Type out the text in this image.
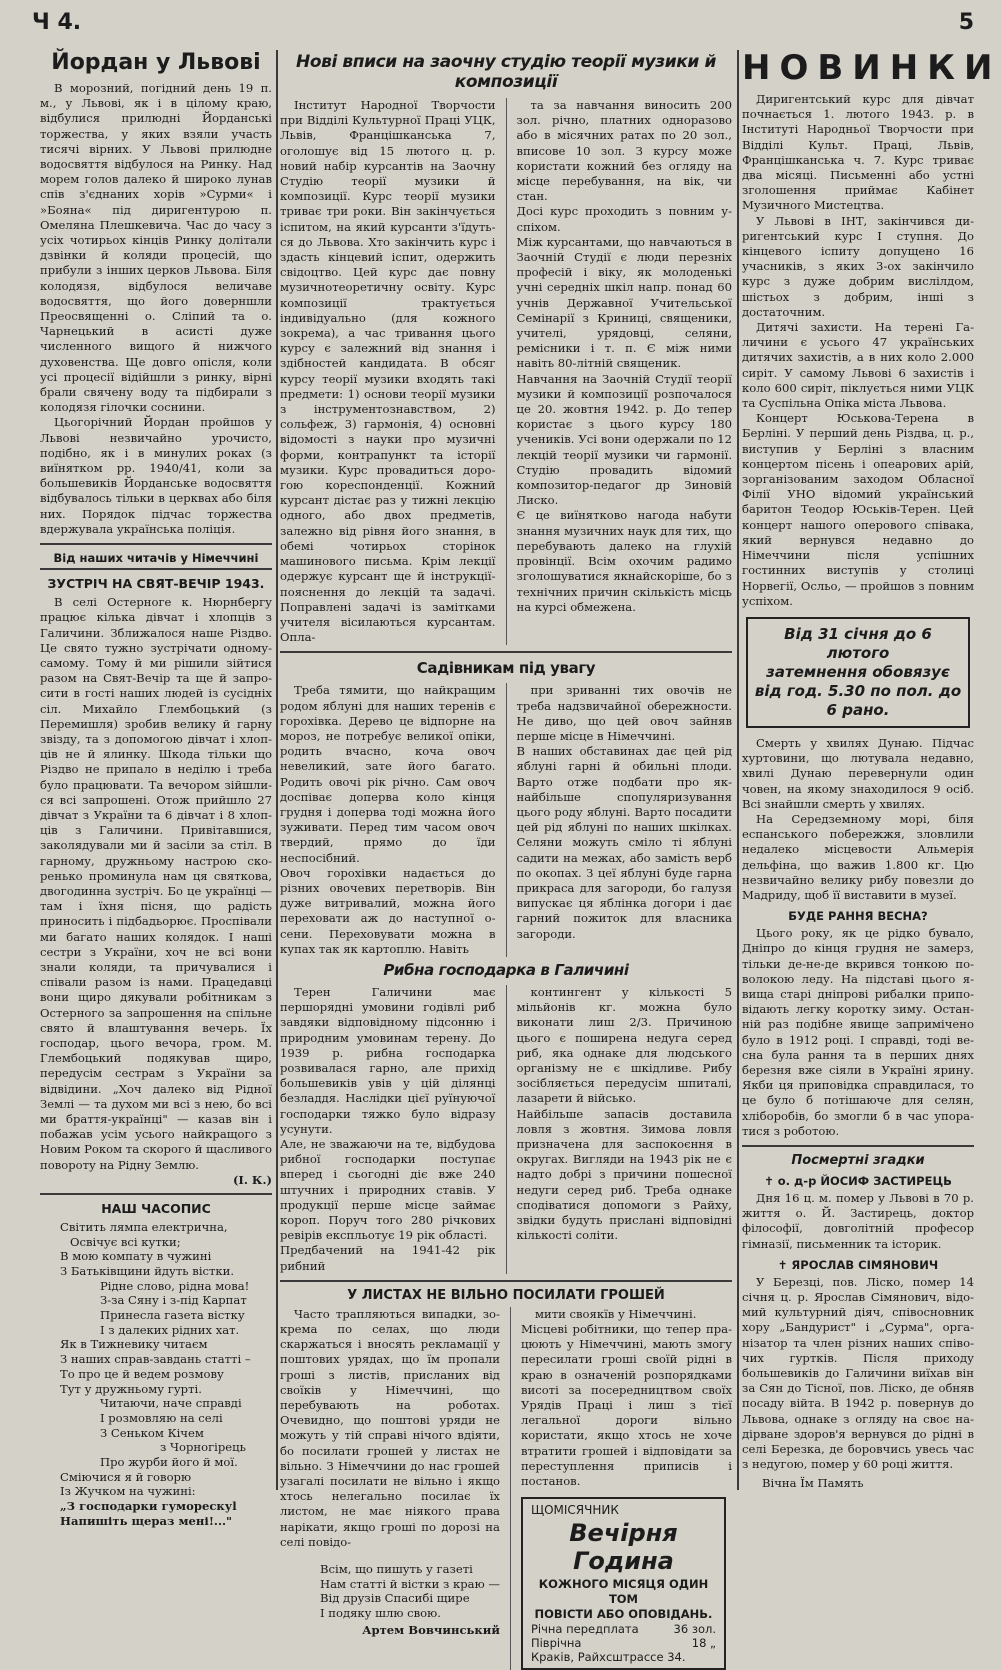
Ч 4.	5
Йордан у Львові

В морозний, погідний день 19 п. м., у Львові, як і в цілому краю, відбулися прилюдні Йорданські торжества, у яких взяли участь тисячі вірних. У Львові прилюдне водосвяття відбулося на Ринку. Над морем голов далеко й широко лунав спів з'єднаних хорів »Сурми« і »Бояна« під диригентурою п. Омеляна Плешкевича. Час до часу з усіх чотирьох кінців Ринку долітали дзвінки й коляди процесій, що прибули з інших церков Львова. Біля колодязя, відбулося величаве водосвяття, що його доверншли Преосвященні о. Сліпий та о. Чарнецький в асисті дуже численного вищого й нижчого духовенства. Ще довго опісля, коли усі процесії відійшли з ринку, вірні брали свячену воду та підбирали з колодязя гілочки соснини.

Цьогорічний Йордан пройшов у Львові незвичайно урочисто, подібно, як і в минулих роках (з виїнятком рр. 1940/41, коли за большевиків Йорданське водосвяття відбувалось тільки в церквах або біля них. Порядок підчас торжества вдержувала українська поліція.

Від наших читачів у Німеччині
ЗУСТРІЧ НА СВЯТ-ВЕЧІР 1943.

В селі Остерноге к. Нюрнбергу працює кілька дівчат і хлопців з Галичини. Зближалося наше Різдво. Це свято тужно зустрічати одномусамому. Тому й ми рішили зійтися разом на Свят-Вечір та ще й запросити в гості наших людей із сусідніх сіл. Михайло Глембоцький (з Перемишля) зробив велику й гарну звізду, та з допомогою дівчат і хлопців не й ялинку. Шкода тільки що Різдво не припало в неділю і треба було працювати. Та вечором зійшлися всі запрошені. Отож прийшло 27 дівчат з України та 6 дівчат і 8 хлопців з Галичини. Привітавшися, заколядували ми й засіли за стіл. В гарному, дружньому настрою скоренько проминула нам ця святкова, двогодинна зустріч. Бо це українці — там і їхня пісня, що радість приносить і підбадьорює. Проспівали ми багато наших колядок. І наші сестри з України, хоч не всі вони знали коляди, та причувалися і співали разом із нами. Працедавці вони щиро дякували робітникам з Остерного за запрошення на спільне свято й влаштування вечерь. Їх господар, цього вечора, гром. М. Глембоцький подякував щиро, передусім сестрам з України за відвідини. „Хоч далеко від Рідної Землі — та духом ми всі з нею, бо всі ми браття-українці" — казав він і побажав усім усього найкращого з Новим Роком та скорого й щасливого повороту на Рідну Землю.

(І. К.)
НАШ ЧАСОПИС
Світить лямпа електрична,
Освічує всі кутки;
В мою компату в чужині
З Батьківщини йдуть вістки.
Рідне слово, рідна мова!
З-за Сяну і з-під Карпат
Принесла газета вістку
І з далеких рідних хат.
Як в Тижневику читаєм
З наших справ-завдань статті –
То про це й ведем розмову
Тут у дружньому гурті.
Читаючи, наче справді
І розмовляю на селі
З Сеньком Кічем
з Чорногірець
Про журби його й мої.
Сміючися я й говорю
Із Жучком на чужині:
„З господарки гуморескуl
Напишіть щераз мені!..."
Нові вписи на заочну студію теорії музики й композиції

Інститут Народної Творчости при Відділі Культурної Праці УЦК, Львів, Францішканська 7, оголошує від 15 лютого ц. р. новий набір курсантів на Заочну Студію теорії музики й композиції. Курс теорії музики триває три роки. Він закінчується іспитом, на який курсанти з'їдуться до Львова. Хто закінчить курс і здасть кінцевий іспит, одержить свідоцтво. Цей курс дає повну музичнотеоретичну освіту. Курс композиції трактується індивідуально (для кожного зокрема), а час тривання цього курсу є залежний від знання і здібностей кандидата. В обсяг курсу теорії музики входять такі предмети: 1) основи теорії музики з інструментознавством, 2) сольфеж, 3) гармонія, 4) основні відомості з науки про музичні форми, контрапункт та історії музики. Курс провадиться дорогою кореспонденції. Кожний курсант дістає раз у тижні лекцію одного, або двох предметів, залежно від рівня його знання, в обемі чотирьох сторінок машинового письма. Крім лекції одержує курсант ще й інструкції-пояснення до лекцій та задачі. Поправлені задачі із замітками учителя вісилаються курсантам. Опла-

та за навчання виносить 200 зол. річно, платних одноразово або в місячних ратах по 20 зол., вписове 10 зол. З курсу може користати кожний без огляду на місце перебування, на вік, чи стан.
Досі курс проходить з повним успіхом.
Між курсантами, що навчаються в Заочній Студії є люди перезніх професій і віку, як молоденькі учні середніх шкіл напр. понад 60 учнів Державної Учительської Семінарії з Криниці, священики, учителі, урядовці, селяни, ремісники і т. п. Є між ними навіть 80-літній священик.
Навчання на Заочній Студії теорії музики й композиції розпочалося це 20. жовтня 1942. р. До тепер користає з цього курсу 180 учеників. Усі вони одержали по 12 лекцій теорії музики чи гармонії. Студію провадить відомий композитор-педагог др Зиновій Лиско.
Є це виїнятково нагода набути знання музичних наук для тих, що перебувають далеко на глухій провінції. Всім охочим радимо зголошуватися якнайскоріше, бо з технічних причин скількість місць на курсі обмежена.

Садівникам під увагу

Треба тямити, що найкращим родом яблуні для наших теренів є горохівка. Дерево це відпорне на мороз, не потребує великої опіки, родить вчасно, коча овоч невеликий, зате його багато. Родить овочі рік річно. Сам овоч доспіває доперва коло кінця грудня і доперва тоді можна його зуживати. Перед тим часом овоч твердий, прямо до їди неспосібний.
Овоч горохівки надається до різних овочевих перетворів. Він дуже витривалий, можна його переховати аж до наступної осени. Переховувати можна в купах так як картоплю. Навіть

при зриванні тих овочів не треба надзвичайної обережности. Не диво, що цей овоч зайняв перше місце в Німеччині.
В наших обставинах дає цей рід яблуні гарні й обильні плоди. Варто отже подбати про якнайбільше спопуляризування цього роду яблуні. Варто посадити цей рід яблуні по наших шкілках. Селяни можуть сміло ті яблуні садити на межах, або замість верб по окопах. З цеї яблуні буде гарна прикраса для загороди, бо галузя випускає ця яблінка догори і дає гарний пожиток для власника загороди.

Рибна господарка в Галичині

Терен Галичини має першорядні умовини годівлі риб завдяки відповідному підсонню і природним умовинам терену. До 1939 р. рибна господарка розвивалася гарно, але прихід большевиків увів у цій ділянці безладдя. Наслідки цієї руїнуючої господарки тяжко було відразу усунути.
Але, не зважаючи на те, відбудова рибної господарки поступає вперед і сьогодні діє вже 240 штучних і природних ставів. У продукції перше місце займає короп. Поруч того 280 річкових ревірів експльотує 19 рік області.
Предбачений на 1941-42 рік рибний

контингент у кількості 5 мільйонів кг. можна було виконати лиш 2/3. Причиною цього є поширена недуга серед риб, яка однаке для людського організму не є шкідливе. Рибу зосібляється передусім шпиталі, лазарети й військо.
Найбільше запасів доставила ловля з жовтня. Зимова ловля призначена для заспокоєння в округах. Вигляди на 1943 рік не є надто добрі з причини пошесної недуги серед риб. Треба однаке сподіватися допомоги з Райху, звідки будуть прислані відповідні кількості соліти.

У ЛИСТАХ НЕ ВІЛЬНО ПОСИЛАТИ ГРОШЕЙ

Часто трапляються випадки, зокрема по селах, що люди скаржаться і вносять рекламації у поштових урядах, що їм пропали гроші з листів, присланих від своїків у Німеччині, що перебувають на роботах. Очевидно, що поштові уряди не можуть у тій справі нічого вдіяти, бо посилати грошей у листах не вільно. З Німеччини до нас грошей узагалі посилати не вільно і якщо хтось нелегально посилає їх листом, не має ніякого права нарікати, якщо гроші по дорозі на селі повідо-

Всім, що пишуть у газеті
Нам статті й вістки з краю —
Від друзів Спасибі щире
І подяку шлю свою.
Артем Вовчинський

мити своякїв у Німеччині.
Місцеві робітники, що тепер працюють у Німеччині, мають змогу пересилати гроші своїй рідні в краю в означеній розпорядками висоті за посередництвом своїх Урядів Праці і лиш з тієї легальної дороги вільно користати, якщо хтось не хоче втратити грошей і відповідати за переступлення приписів і постанов.

ЩОМІСЯЧНИК
Вечірня Година
КОЖНОГО МІСЯЦЯ ОДИН ТОМ
ПОВІСТИ АБО ОПОВІДАНЬ.
Річна передплата	36 зол.
Піврічна	18 „
Краків, Райхсштрассе 34.
НОВИНКИ

Диригентський курс для дівчат почнається 1. лютого 1943. р. в Інституті Народньої Творчости при Відділі Культ. Праці, Львів, Францішканська ч. 7. Курс триває два місяці. Письменні або устні зголошення приймає Кабінет Музичного Мистецтва.

У Львові в ІНТ, закінчився диригентський курс І ступня. До кінцевого іспиту допущено 16 учасників, з яких 3-ох закінчило курс з дуже добрим вислілдом, шістьох з добрим, інші з достаточним.

Дитячі захисти. На терені Галичини є усього 47 українських дитячих захистів, а в них коло 2.000 сиріт. У самому Львові 6 захистів і коло 600 сиріт, піклується ними УЦК та Суспільна Опіка міста Львова.

Концерт Юськова-Терена в Берліні. У перший день Різдва, ц. р., виступив у Берліні з власним концертом пісень і опеaрових арій, зорганізованим заходом Обласної Філії УНО відомий український баритон Теодор Юськів-Терен. Цей концерт нашого оперового співака, який вернувся недавно до Німеччини після успішних гостинних виступів у столиці Норвегії, Осльо, — пройшов з повним успіхом.

Від 31 січня до 6 лютого
затемнення обовязує
від год. 5.30 по пол. до 6 рано.

Смерть у хвилях Дунаю. Підчас хуртовини, що лютувала недавно, хвилі Дунаю перевернули один човен, на якому знаходилося 9 осіб. Всі знайшли смерть у хвилях.

На Середземному морі, біля еспанського побережжя, зловлили недалеко місцевости Альмерія дельфіна, що важив 1.800 кг. Цю незвичайно велику рибу повезли до Мадриду, щоб її вистaвити в музеї.

БУДЕ РАННЯ ВЕСНА?

Цього року, як це рідко бувало, Дніпро до кінця грудня не замерз, тільки де-не-де вкрився тонкою поволокою леду. На підставі цього явища старі дніпрові рибалки приповідають легку коротку зиму. Останній раз подібне явище запримічено було в 1912 році. І справді, тоді весна була рання та в перших днях березня вже сіяли в Україні ярину. Якби ця приповідка справдилася, то це було б потішаюче для селян, хліборобів, бо змогли б в час упоратися з роботою.

Посмертні згадки
✝ о. д-р ЙОСИФ ЗАСТИРЕЦЬ

Дня 16 ц. м. помер у Львові в 70 р. життя о. Й. Застирець, доктор філософії, довголітній професор гімназії, письменник та історик.

✝ ЯРОСЛАВ СІМЯНОВИЧ

У Березці, пов. Ліско, помер 14 січня ц. р. Ярослав Сімянович, відомий культурний діяч, співосновник хору „Бандурист" і „Сурма", організатор та член різних наших співочих гуртків. Після приходу большевиків до Галичини виїхав він за Сян до Тісної, пов. Ліско, де обняв посаду війта. В 1942 р. повернув до Львова, однаке з огляду на своє надірване здоров'я вернувся до рідні в селі Березка, де боровчись увесь час з недугою, помер у 60 році життя.

Вічна Їм Память
